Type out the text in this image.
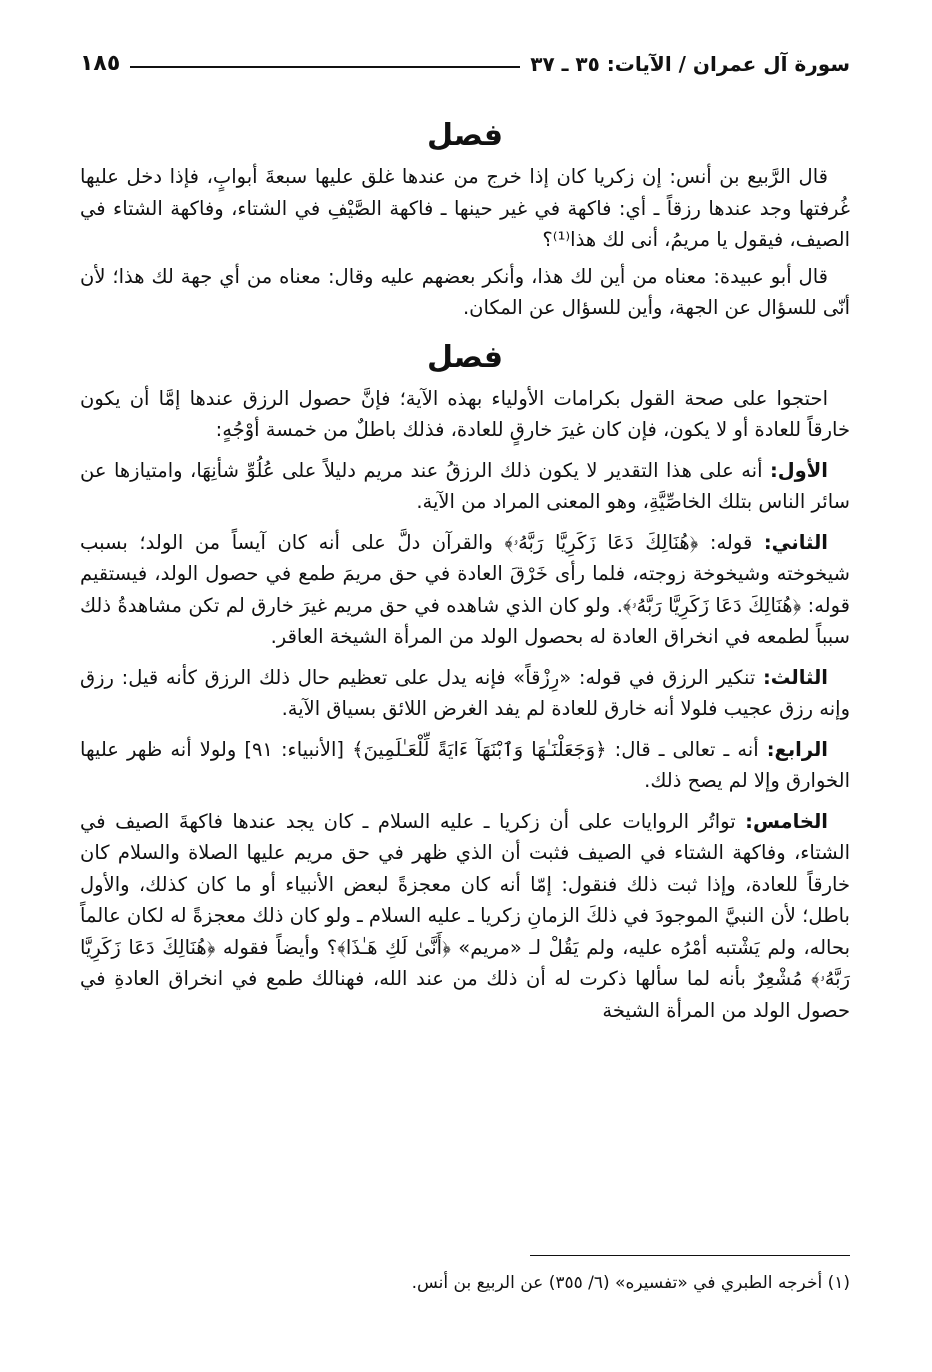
سورة آل عمران / الآيات: ٣٥ ـ ٣٧
١٨٥
فصل

قال الرَّبيع بن أنس: إن زكريا كان إذا خرج من عندها غلق عليها سبعةَ أبوابٍ، فإذا دخل عليها غُرفتها وجد عندها رزقاً ـ أي: فاكهة في غير حينها ـ فاكهة الصَّيْفِ في الشتاء، وفاكهة الشتاء في الصيف، فيقول يا مريمُ، أنى لك هذا⁽¹⁾؟

قال أبو عبيدة: معناه من أين لك هذا، وأنكر بعضهم عليه وقال: معناه من أي جهة لك هذا؛ لأن أنّى للسؤال عن الجهة، وأين للسؤال عن المكان.

فصل

احتجوا على صحة القول بكرامات الأولياء بهذه الآية؛ فإنَّ حصول الرزق عندها إمَّا أن يكون خارقاً للعادة أو لا يكون، فإن كان غيرَ خارقٍ للعادة، فذلك باطلٌ من خمسة أوْجُهٍ:

الأول: أنه على هذا التقدير لا يكون ذلك الرزقُ عند مريم دليلاً على عُلُوِّ شأنِهَا، وامتيازها عن سائر الناس بتلك الخاصِّيَّةِ، وهو المعنى المراد من الآية.

الثاني: قوله: ﴿هُنَالِكَ دَعَا زَكَرِيَّا رَبَّهُۥ﴾ والقرآن دلَّ على أنه كان آيساً من الولد؛ بسبب شيخوخته وشيخوخة زوجته، فلما رأى خَرْقَ العادة في حق مريمَ طمع في حصول الولد، فيستقيم قوله: ﴿هُنَالِكَ دَعَا زَكَرِيَّا رَبَّهُۥ﴾. ولو كان الذي شاهده في حق مريم غيرَ خارق لم تكن مشاهدةُ ذلك سبباً لطمعه في انخراق العادة له بحصول الولد من المرأة الشيخة العاقر.

الثالث: تنكير الرزق في قوله: «رِزْقاً» فإنه يدل على تعظيم حال ذلك الرزق كأنه قيل: رزق وإنه رزق عجيب فلولا أنه خارق للعادة لم يفد الغرض اللائق بسياق الآية.

الرابع: أنه ـ تعالى ـ قال: ﴿وَجَعَلْنَـٰهَا وَٱبْنَهَآ ءَايَةً لِّلْعَـٰلَمِينَ﴾ [الأنبياء: ٩١] ولولا أنه ظهر عليها الخوارق وإلا لم يصح ذلك.

الخامس: تواتُر الروايات على أن زكريا ـ عليه السلام ـ كان يجد عندها فاكهةَ الصيف في الشتاء، وفاكهة الشتاء في الصيف فثبت أن الذي ظهر في حق مريم عليها الصلاة والسلام كان خارقاً للعادة، وإذا ثبت ذلك فنقول: إمّا أنه كان معجزةً لبعض الأنبياء أو ما كان كذلك، والأول باطل؛ لأن النبيَّ الموجودَ في ذلكَ الزمانِ زكريا ـ عليه السلام ـ ولو كان ذلك معجزةً له لكان عالماً بحاله، ولم يَشْتبه أمْرُه عليه، ولم يَقُلْ لـ «مريم» ﴿أَنَّىٰ لَكِ هَـٰذَا﴾؟ وأيضاً فقوله ﴿هُنَالِكَ دَعَا زَكَرِيَّا رَبَّهُۥ﴾ مُشْعِرٌ بأنه لما سألها ذكرت له أن ذلك من عند الله، فهنالك طمع في انخراق العادةِ في حصول الولد من المرأة الشيخة

(١) أخرجه الطبري في «تفسيره» (٦/ ٣٥٥) عن الربيع بن أنس.
